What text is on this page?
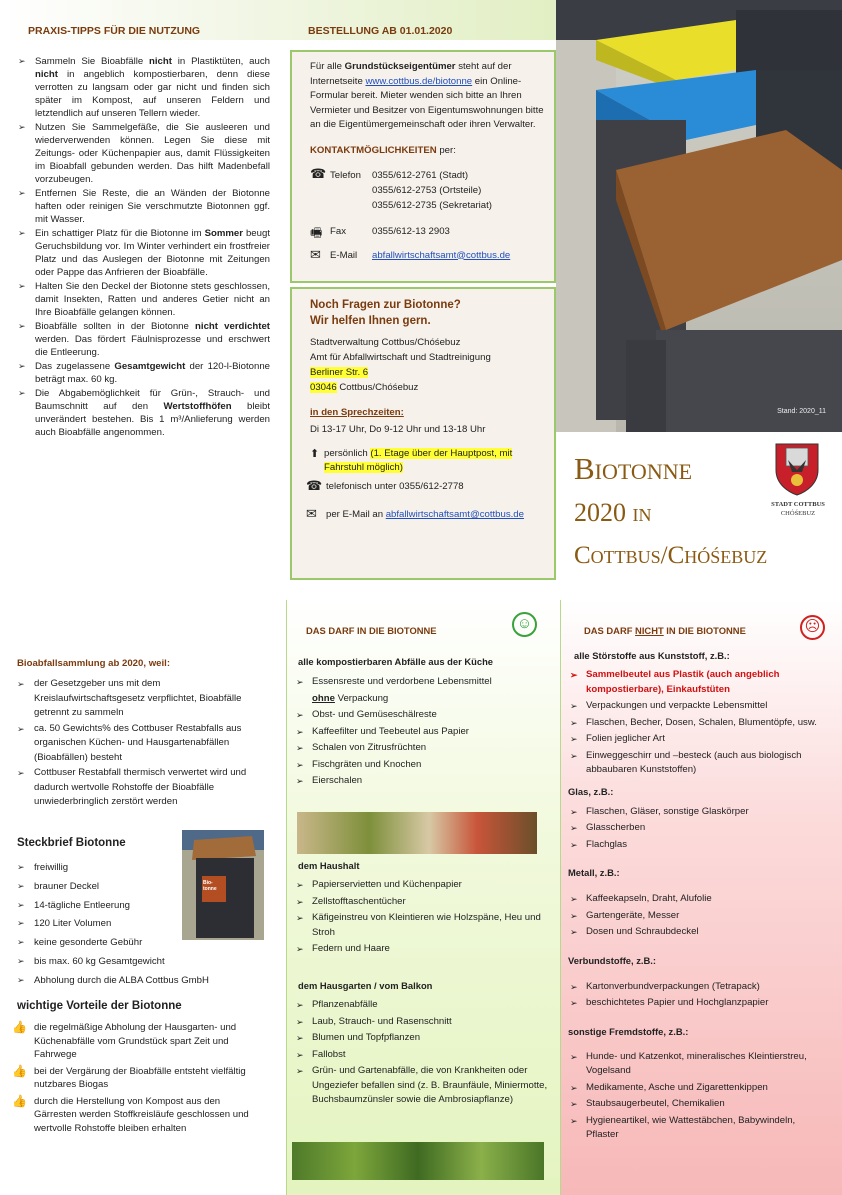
PRAXIS-TIPPS FÜR DIE NUTZUNG
➢ Sammeln Sie Bioabfälle nicht in Plastiktüten, auch nicht in angeblich kompostierbaren, denn diese verrotten zu langsam oder gar nicht und finden sich später im Kompost, auf unseren Feldern und letztendlich auf unseren Tellern wieder.
➢ Nutzen Sie Sammelgefäße, die Sie ausleeren und wiederverwenden können. Legen Sie diese mit Zeitungs- oder Küchenpapier aus, damit Flüssigkeiten im Bioabfall gebunden werden. Das hilft Madenbefall vorzubeugen.
➢ Entfernen Sie Reste, die an Wänden der Biotonne haften oder reinigen Sie verschmutzte Biotonnen ggf. mit Wasser.
➢ Ein schattiger Platz für die Biotonne im Sommer beugt Geruchsbildung vor. Im Winter verhindert ein frostfreier Platz und das Auslegen der Biotonne mit Zeitungen oder Pappe das Anfrieren der Bioabfälle.
➢ Halten Sie den Deckel der Biotonne stets geschlossen, damit Insekten, Ratten und anderes Getier nicht an Ihre Bioabfälle gelangen können.
➢ Bioabfälle sollten in der Biotonne nicht verdichtet werden. Das fördert Fäulnisprozesse und erschwert die Entleerung.
➢ Das zugelassene Gesamtgewicht der 120-l-Biotonne beträgt max. 60 kg.
➢ Die Abgabemöglichkeit für Grün-, Strauch- und Baumschnitt auf den Wertstoffhöfen bleibt unverändert bestehen. Bis 1 m³/Anlieferung werden auch Bioabfälle angenommen.
BESTELLUNG AB 01.01.2020
Für alle Grundstückseigentümer steht auf der Internetseite www.cottbus.de/biotonne ein Online-Formular bereit. Mieter wenden sich bitte an Ihren Vermieter und Besitzer von Eigentumswohnungen bitte an die Eigentümergemeinschaft oder ihren Verwalter.
KONTAKTMÖGLICHKEITEN per:
☎ Telefon 0355/612-2761 (Stadt)
0355/612-2753 (Ortsteile)
0355/612-2735 (Sekretariat)
🖷 Fax	0355/612-13 2903
✉ E-Mail abfallwirtschaftsamt@cottbus.de
Noch Fragen zur Biotonne?
Wir helfen Ihnen gern.
Stadtverwaltung Cottbus/Chóśebuz
Amt für Abfallwirtschaft und Stadtreinigung
Berliner Str. 6
03046 Cottbus/Chóśebuz
in den Sprechzeiten:
Di 13-17 Uhr, Do 9-12 Uhr und 13-18 Uhr
⬆ persönlich (1. Etage über der Hauptpost, mit Fahrstuhl möglich)
☎ telefonisch unter 0355/612-2778
✉ per E-Mail an abfallwirtschaftsamt@cottbus.de
Stand: 2020_11
Biotonne
2020 in
Cottbus/Chóśebuz
STADT COTTBUS
CHÓŚEBUZ
Bioabfallsammlung ab 2020, weil:
➢ der Gesetzgeber uns mit dem Kreislaufwirtschaftsgesetz verpflichtet, Bioabfälle getrennt zu sammeln
➢ ca. 50 Gewichts% des Cottbuser Restabfalls aus organischen Küchen- und Hausgartenabfällen (Bioabfällen) besteht
➢ Cottbuser Restabfall thermisch verwertet wird und dadurch wertvolle Rohstoffe der Bioabfälle unwiederbringlich zerstört werden
Steckbrief Biotonne
➢ freiwillig
➢ brauner Deckel
➢ 14-tägliche Entleerung
➢ 120 Liter Volumen
➢ keine gesonderte Gebühr
➢ bis max. 60 kg Gesamtgewicht
➢ Abholung durch die ALBA Cottbus GmbH
Bio-tonne
wichtige Vorteile der Biotonne
👍 die regelmäßige Abholung der Hausgarten- und Küchenabfälle vom Grundstück spart Zeit und Fahrwege
👍 bei der Vergärung der Bioabfälle entsteht vielfältig nutzbares Biogas
👍 durch die Herstellung von Kompost aus den Gärresten werden Stoffkreisläufe geschlossen und wertvolle Rohstoffe bleiben erhalten
DAS DARF IN DIE BIOTONNE	☺
alle kompostierbaren Abfälle aus der Küche
➢ Essensreste und verdorbene Lebensmittel
ohne Verpackung
➢ Obst- und Gemüseschälreste
➢ Kaffeefilter und Teebeutel aus Papier
➢ Schalen von Zitrusfrüchten
➢ Fischgräten und Knochen
➢ Eierschalen
dem Haushalt
➢ Papierservietten und Küchenpapier
➢ Zellstofftaschentücher
➢ Käfigeinstreu von Kleintieren wie Holzspäne, Heu und Stroh
➢ Federn und Haare
dem Hausgarten / vom Balkon
➢ Pflanzenabfälle
➢ Laub, Strauch- und Rasenschnitt
➢ Blumen und Topfpflanzen
➢ Fallobst
➢ Grün- und Gartenabfälle, die von Krankheiten oder Ungeziefer befallen sind (z. B. Braunfäule, Miniermotte, Buchsbaumzünsler sowie die Ambrosiapflanze)
DAS DARF NICHT IN DIE BIOTONNE	☹
alle Störstoffe aus Kunststoff, z.B.:
➢ Sammelbeutel aus Plastik (auch angeblich kompostierbare), Einkaufstüten
➢ Verpackungen und verpackte Lebensmittel
➢ Flaschen, Becher, Dosen, Schalen, Blumentöpfe, usw.
➢ Folien jeglicher Art
➢ Einweggeschirr und –besteck (auch aus biologisch abbaubaren Kunststoffen)
Glas, z.B.:
➢ Flaschen, Gläser, sonstige Glaskörper
➢ Glasscherben
➢ Flachglas
Metall, z.B.:
➢ Kaffeekapseln, Draht, Alufolie
➢ Gartengeräte, Messer
➢ Dosen und Schraubdeckel
Verbundstoffe, z.B.:
➢ Kartonverbundverpackungen (Tetrapack)
➢ beschichtetes Papier und Hochglanzpapier
sonstige Fremdstoffe, z.B.:
➢ Hunde- und Katzenkot, mineralisches Kleintierstreu, Vogelsand
➢ Medikamente, Asche und Zigarettenkippen
➢ Staubsaugerbeutel, Chemikalien
➢ Hygieneartikel, wie Wattestäbchen, Babywindeln, Pflaster
